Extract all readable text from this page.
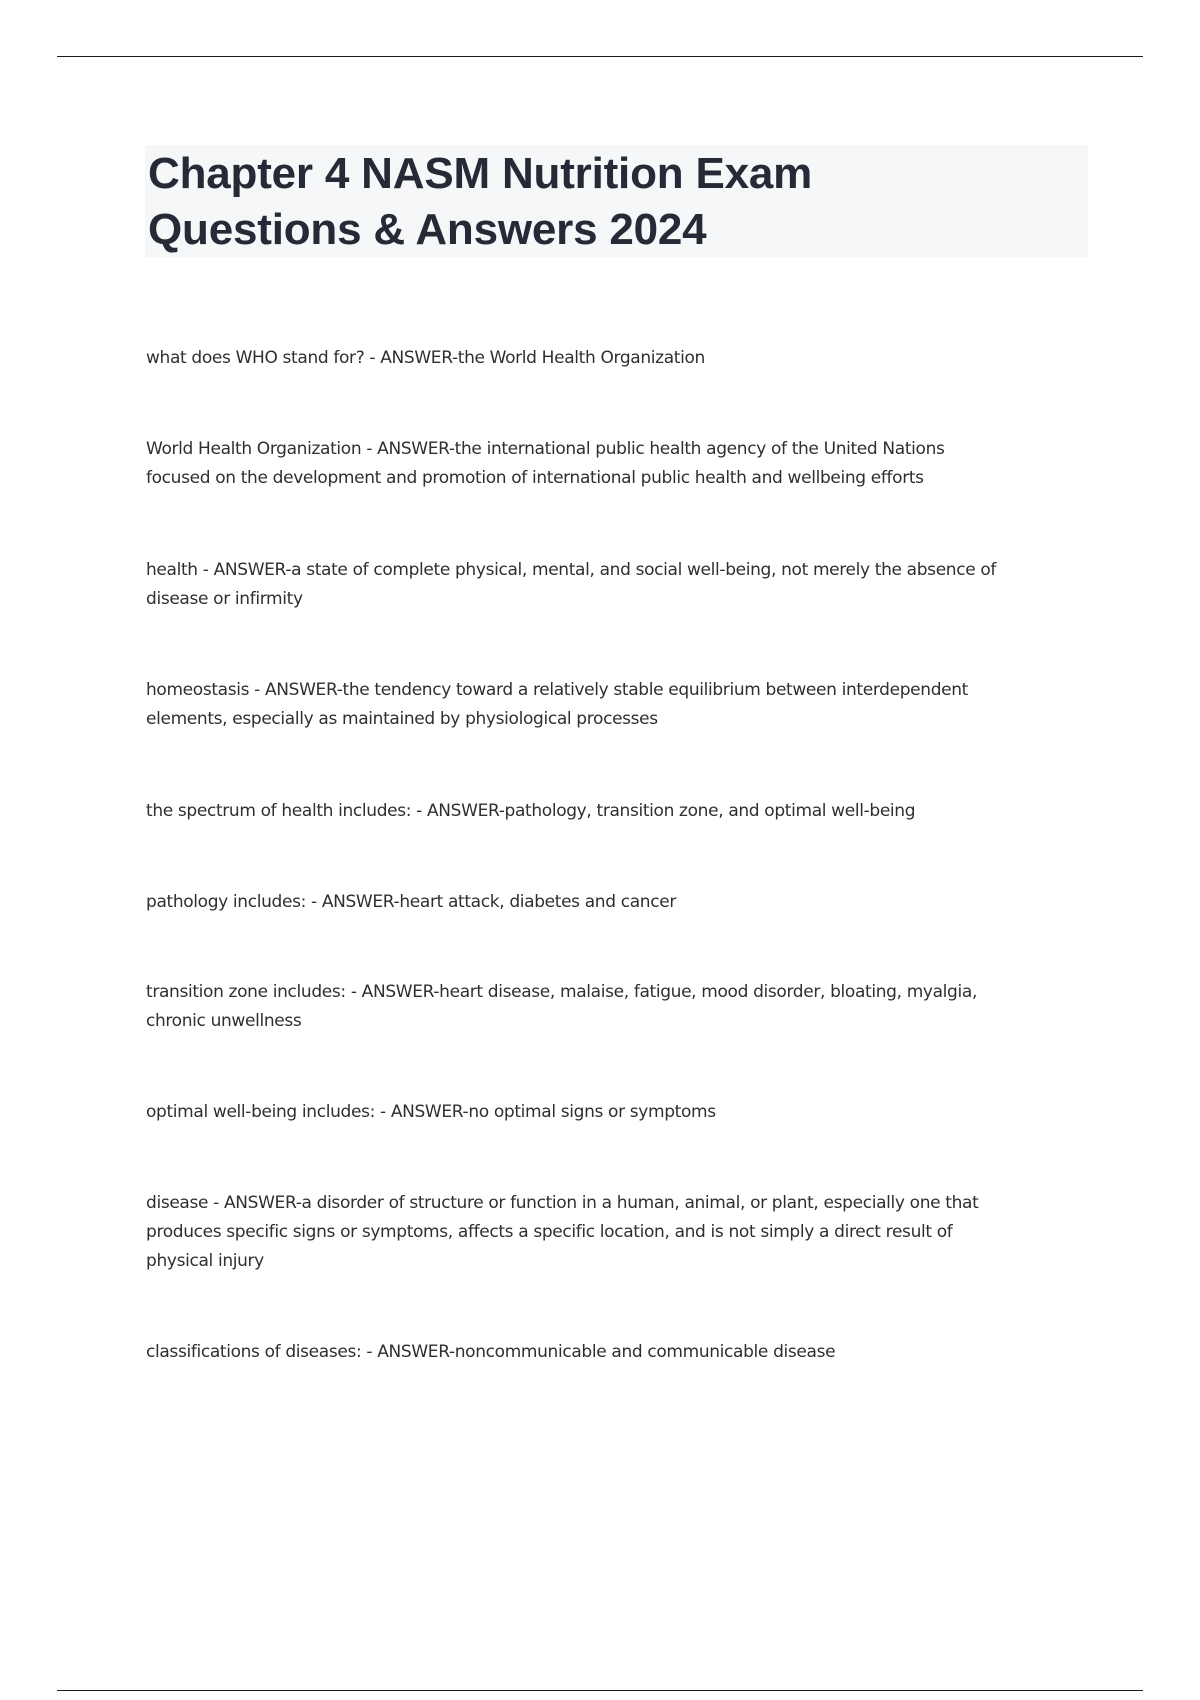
Chapter 4 NASM Nutrition Exam
Questions & Answers 2024

what does WHO stand for? - ANSWER-the World Health Organization

World Health Organization - ANSWER-the international public health agency of the United Nations
focused on the development and promotion of international public health and wellbeing efforts

health - ANSWER-a state of complete physical, mental, and social well-being, not merely the absence of
disease or infirmity

homeostasis - ANSWER-the tendency toward a relatively stable equilibrium between interdependent
elements, especially as maintained by physiological processes

the spectrum of health includes: - ANSWER-pathology, transition zone, and optimal well-being

pathology includes: - ANSWER-heart attack, diabetes and cancer

transition zone includes: - ANSWER-heart disease, malaise, fatigue, mood disorder, bloating, myalgia,
chronic unwellness

optimal well-being includes: - ANSWER-no optimal signs or symptoms

disease - ANSWER-a disorder of structure or function in a human, animal, or plant, especially one that
produces specific signs or symptoms, affects a specific location, and is not simply a direct result of
physical injury

classifications of diseases: - ANSWER-noncommunicable and communicable disease
